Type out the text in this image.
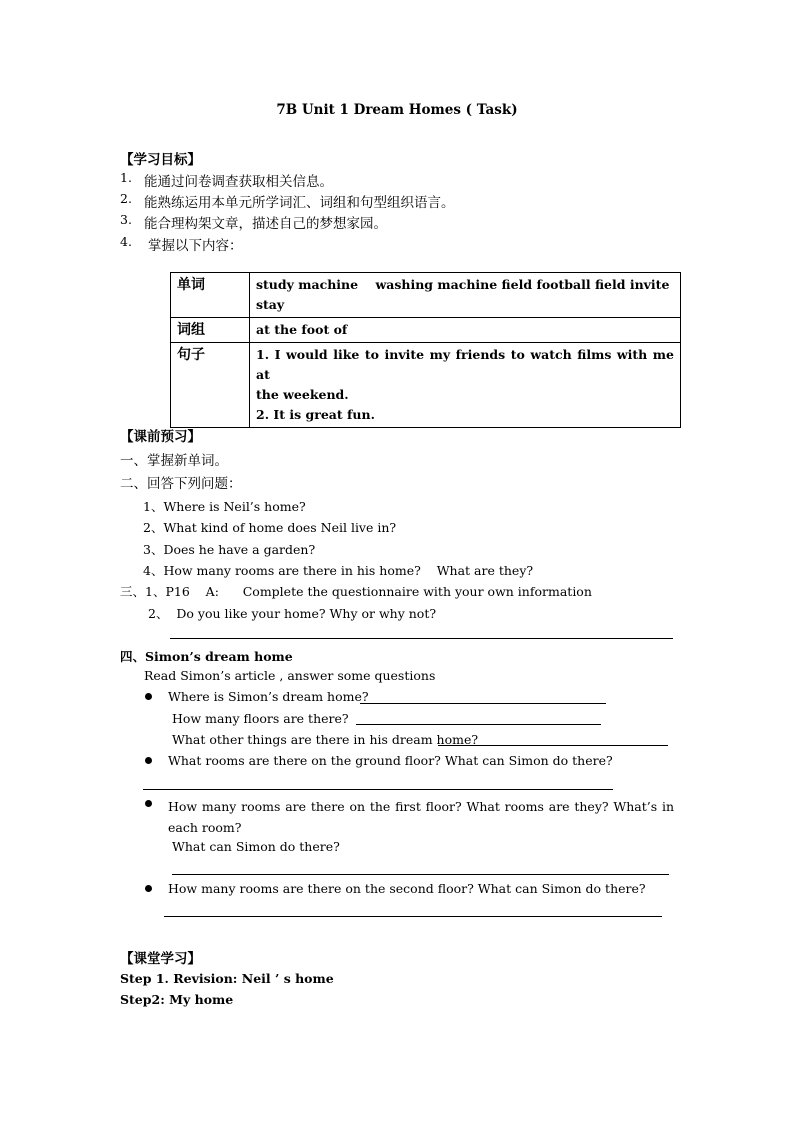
7B Unit 1 Dream Homes ( Task)
【学习目标】
1. 能通过问卷调查获取相关信息。
2. 能熟练运用本单元所学词汇、词组和句型组织语言。
3. 能合理构架文章，描述自己的梦想家园。
4. 掌握以下内容：
单词	study machine    washing machine field football field invite
stay

词组	at the foot of

句子	1. I would like to invite my friends to watch films with me at
the weekend.
2. It is great fun.
【课前预习】
一、掌握新单词。
二、回答下列问题：
1、Where is Neil’s home?
2、What kind of home does Neil live in?
3、Does he have a garden?
4、How many rooms are there in his home?    What are they?
三、1、P16    A:      Complete the questionnaire with your own information
2、  Do you like your home? Why or why not?
四、Simon’s dream home
Read Simon’s article , answer some questions
Where is Simon’s dream home?
How many floors are there?
What other things are there in his dream home?
What rooms are there on the ground floor? What can Simon do there?
How many rooms are there on the first floor? What rooms are they? What’s in each room?
What can Simon do there?
How many rooms are there on the second floor? What can Simon do there?
【课堂学习】
Step 1. Revision: Neil ’ s home
Step2: My home
